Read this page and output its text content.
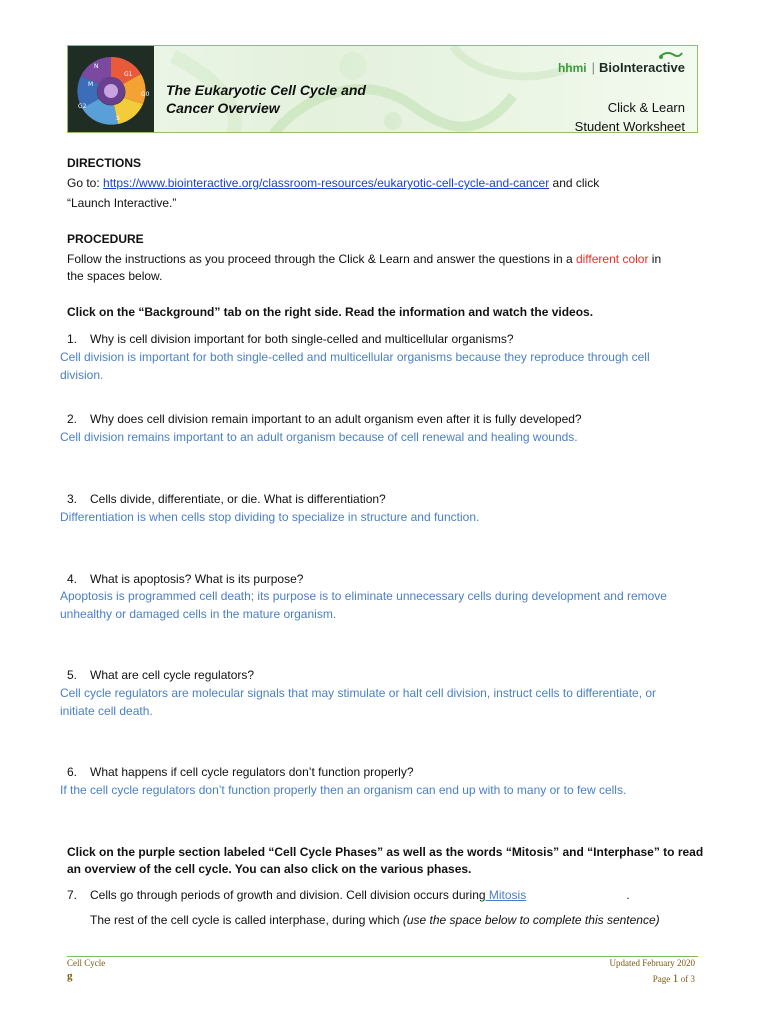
N
G1
G0
S
G2
M	The Eukaryotic Cell Cycle and
Cancer Overview
hhmi | BioInteractive
Click & Learn
Student Worksheet
DIRECTIONS
Go to: https://www.biointeractive.org/classroom-resources/eukaryotic-cell-cycle-and-cancer and click
“Launch Interactive.”
PROCEDURE
Follow the instructions as you proceed through the Click & Learn and answer the questions in a different color in
the spaces below.
Click on the “Background” tab on the right side. Read the information and watch the videos.
1. Why is cell division important for both single-celled and multicellular organisms?
Cell division is important for both single-celled and multicellular organisms because they reproduce through cell
division.
2. Why does cell division remain important to an adult organism even after it is fully developed?
Cell division remains important to an adult organism because of cell renewal and healing wounds.
3. Cells divide, differentiate, or die. What is differentiation?
Differentiation is when cells stop dividing to specialize in structure and function.
4. What is apoptosis? What is its purpose?
Apoptosis is programmed cell death; its purpose is to eliminate unnecessary cells during development and remove
unhealthy or damaged cells in the mature organism.
5. What are cell cycle regulators?
Cell cycle regulators are molecular signals that may stimulate or halt cell division, instruct cells to differentiate, or
initiate cell death.
6. What happens if cell cycle regulators don’t function properly?
If the cell cycle regulators don’t function properly then an organism can end up with to many or to few cells.
Click on the purple section labeled “Cell Cycle Phases” as well as the words “Mitosis” and “Interphase” to read
an overview of the cell cycle. You can also click on the various phases.
7. Cells go through periods of growth and division. Cell division occurs during Mitosis	.
The rest of the cell cycle is called interphase, during which (use the space below to complete this sentence)
Cell Cycle
g
Updated February 2020
Page 1 of 3
